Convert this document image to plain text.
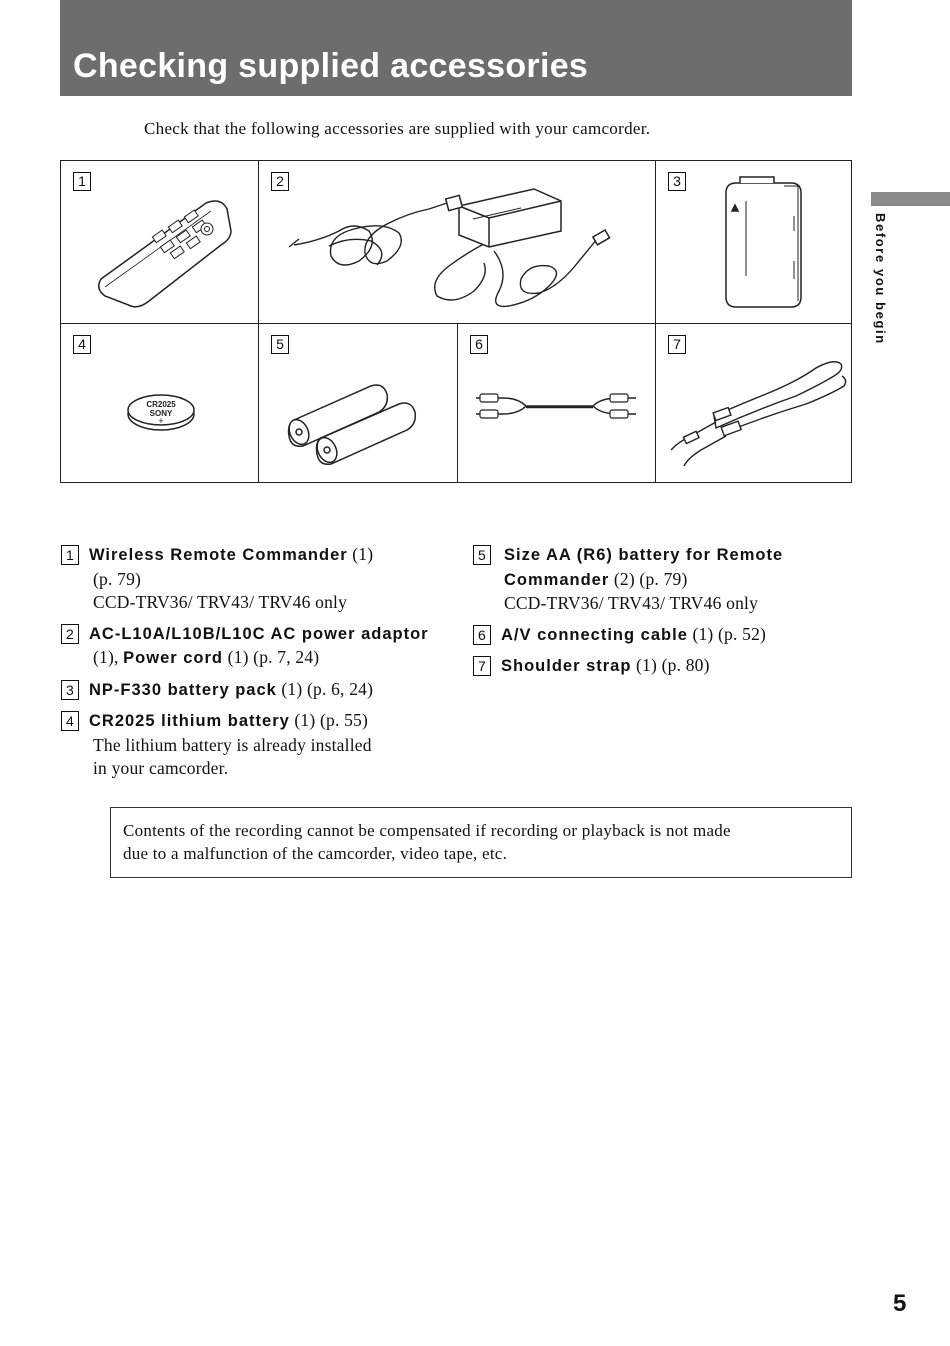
Checking supplied accessories
Check that the following accessories are supplied with your camcorder.
Before you begin
1	2	3
4
CR2025
SONY
+
5	6	7
1 Wireless Remote Commander (1)
(p. 79)
CCD-TRV36/ TRV43/ TRV46 only
2 AC-L10A/L10B/L10C AC power adaptor
(1), Power cord (1) (p. 7, 24)
3 NP-F330 battery pack (1) (p. 6, 24)
4 CR2025 lithium battery (1) (p. 55)
The lithium battery is already installed
in your camcorder.
5	Size AA (R6) battery for Remote
Commander (2) (p. 79)
CCD-TRV36/ TRV43/ TRV46 only
6 A/V connecting cable (1) (p. 52)
7 Shoulder strap (1) (p. 80)
Contents of the recording cannot be compensated if recording or playback is not made
due to a malfunction of the camcorder, video tape, etc.
5
